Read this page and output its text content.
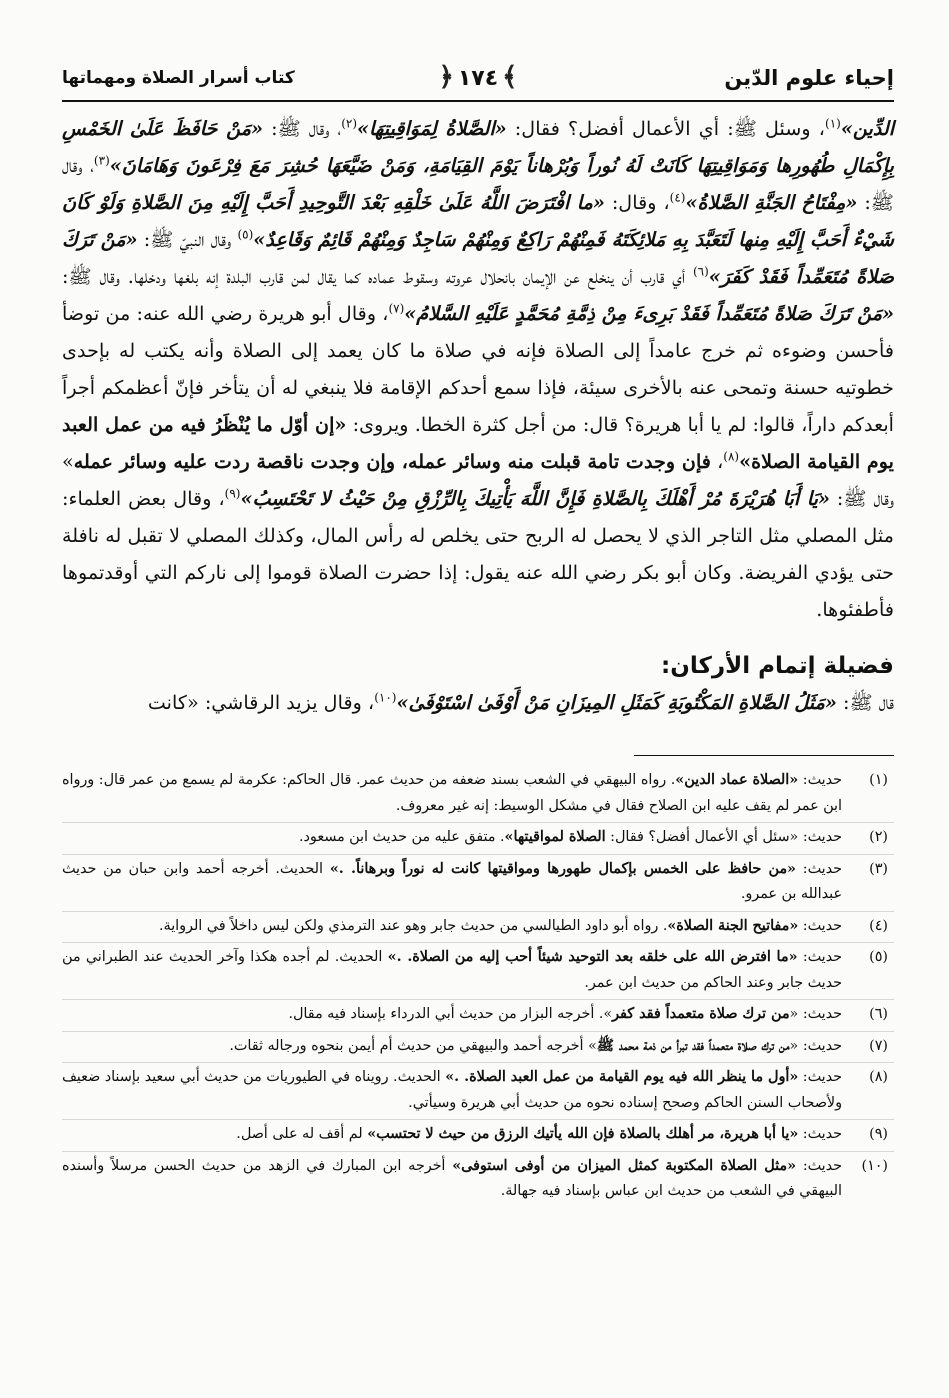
إحياء علوم الدّين
﴾١٧٤﴿
كتاب أسرار الصلاة ومهماتها

الدِّين»$^{(١)}$، وسئل ﷺ: أي الأعمال أفضل؟ فقال: «الصَّلاةُ لِمَوَاقِيتِهَا»$^{(٢)}$، وقال ﷺ: «مَنْ حَافَظَ عَلَىٰ الخَمْسِ بِإِكْمَالِ طُهُورِها وَمَوَاقِيتِهَا كَانَتْ لَهُ نُوراً وَبُرْهاناً يَوْمَ القِيَامَةِ، وَمَنْ ضَيَّعَهَا حُشِرَ مَعَ فِرْعَونَ وَهَامَانَ»$^{(٣)}$، وقال ﷺ: «مِفْتَاحُ الجَنَّةِ الصَّلاةُ»$^{(٤)}$، وقال: «ما افْتَرَضَ اللَّهُ عَلَىٰ خَلْقِهِ بَعْدَ التَّوحِيدِ أَحَبَّ إِلَيْهِ مِنَ الصَّلاةِ وَلَوْ كَانَ شَيْءٌ أَحَبَّ إِلَيْهِ مِنها لَتَعَبَّدَ بِهِ مَلائِكَتَهُ فَمِنْهُمْ رَاكِعٌ وَمِنْهُمْ سَاجِدٌ وَمِنْهُمْ قَائِمٌ وَقَاعِدٌ»$^{(٥)}$ وقال النبيّ ﷺ: «مَنْ تَرَكَ صَلاةً مُتَعَمِّداً فَقَدْ كَفَرَ»$^{(٦)}$ أي قارب أن ينخلع عن الإيمان بانحلال عروته وسقوط عماده كما يقال لمن قارب البلدة إنه بلغها ودخلها. وقال ﷺ: «مَنْ تَرَكَ صَلاةً مُتَعَمِّداً فَقَدْ بَرِىءَ مِنْ ذِمَّةِ مُحَمَّدٍ عَلَيْهِ السَّلامُ»$^{(٧)}$، وقال أبو هريرة رضي الله عنه: من توضأ فأحسن وضوءه ثم خرج عامداً إلى الصلاة فإنه في صلاة ما كان يعمد إلى الصلاة وأنه يكتب له بإحدى خطوتيه حسنة وتمحى عنه بالأخرى سيئة، فإذا سمع أحدكم الإقامة فلا ينبغي له أن يتأخر فإنّ أعظمكم أجراً أبعدكم داراً، قالوا: لم يا أبا هريرة؟ قال: من أجل كثرة الخطا. ويروى: «إن أوّل ما يُنْظَرُ فيه من عمل العبد يوم القيامة الصلاة»$^{(٨)}$، فإن وجدت تامة قبلت منه وسائر عمله، وإن وجدت ناقصة ردت عليه وسائر عمله» وقال ﷺ: «يَا أَبَا هُرَيْرَةَ مُرْ أَهْلَكَ بِالصَّلاةِ فَإِنَّ اللَّهَ يَأْتِيكَ بِالرِّزْقِ مِنْ حَيْثُ لا تَحْتَسِبُ»$^{(٩)}$، وقال بعض العلماء: مثل المصلي مثل التاجر الذي لا يحصل له الربح حتى يخلص له رأس المال، وكذلك المصلي لا تقبل له نافلة حتى يؤدي الفريضة. وكان أبو بكر رضي الله عنه يقول: إذا حضرت الصلاة قوموا إلى ناركم التي أوقدتموها فأطفئوها.

فضيلة إتمام الأركان:

قال ﷺ: «مَثَلُ الصَّلاةِ المَكْتُوبَةِ كَمَثَلِ المِيزَانِ مَنْ أَوْفَىٰ اسْتَوْفَىٰ»$^{(١٠)}$، وقال يزيد الرقاشي: «كانت

(١)
حديث: «الصلاة عماد الدين». رواه البيهقي في الشعب بسند ضعفه من حديث عمر. قال الحاكم: عكرمة لم يسمع من عمر قال: ورواه ابن عمر لم يقف عليه ابن الصلاح فقال في مشكل الوسيط: إنه غير معروف.
(٢)
حديث: «سئل أي الأعمال أفضل؟ فقال: الصلاة لمواقيتها». متفق عليه من حديث ابن مسعود.
(٣)
حديث: «من حافظ على الخمس بإكمال طهورها ومواقيتها كانت له نوراً وبرهاناً. .» الحديث. أخرجه أحمد وابن حبان من حديث عبدالله بن عمرو.
(٤)
حديث: «مفاتيح الجنة الصلاة». رواه أبو داود الطيالسي من حديث جابر وهو عند الترمذي ولكن ليس داخلاً في الرواية.
(٥)
حديث: «ما افترض الله على خلقه بعد التوحيد شيئاً أحب إليه من الصلاة. .» الحديث. لم أجده هكذا وآخر الحديث عند الطبراني من حديث جابر وعند الحاكم من حديث ابن عمر.
(٦)
حديث: «من ترك صلاة متعمداً فقد كفر». أخرجه البزار من حديث أبي الدرداء بإسناد فيه مقال.
(٧)
حديث: «من ترك صلاة متعمداً فقد تبرأ من ذمة محمد ﷺ» أخرجه أحمد والبيهقي من حديث أم أيمن بنحوه ورجاله ثقات.
(٨)
حديث: «أول ما ينظر الله فيه يوم القيامة من عمل العبد الصلاة. .» الحديث. رويناه في الطيوريات من حديث أبي سعيد بإسناد ضعيف ولأصحاب السنن الحاكم وصحح إسناده نحوه من حديث أبي هريرة وسيأتي.
(٩)
حديث: «يا أبا هريرة، مر أهلك بالصلاة فإن الله يأتيك الرزق من حيث لا تحتسب» لم أقف له على أصل.
(١٠)
حديث: «مثل الصلاة المكتوبة كمثل الميزان من أوفى استوفى» أخرجه ابن المبارك في الزهد من حديث الحسن مرسلاً وأسنده البيهقي في الشعب من حديث ابن عباس بإسناد فيه جهالة.
